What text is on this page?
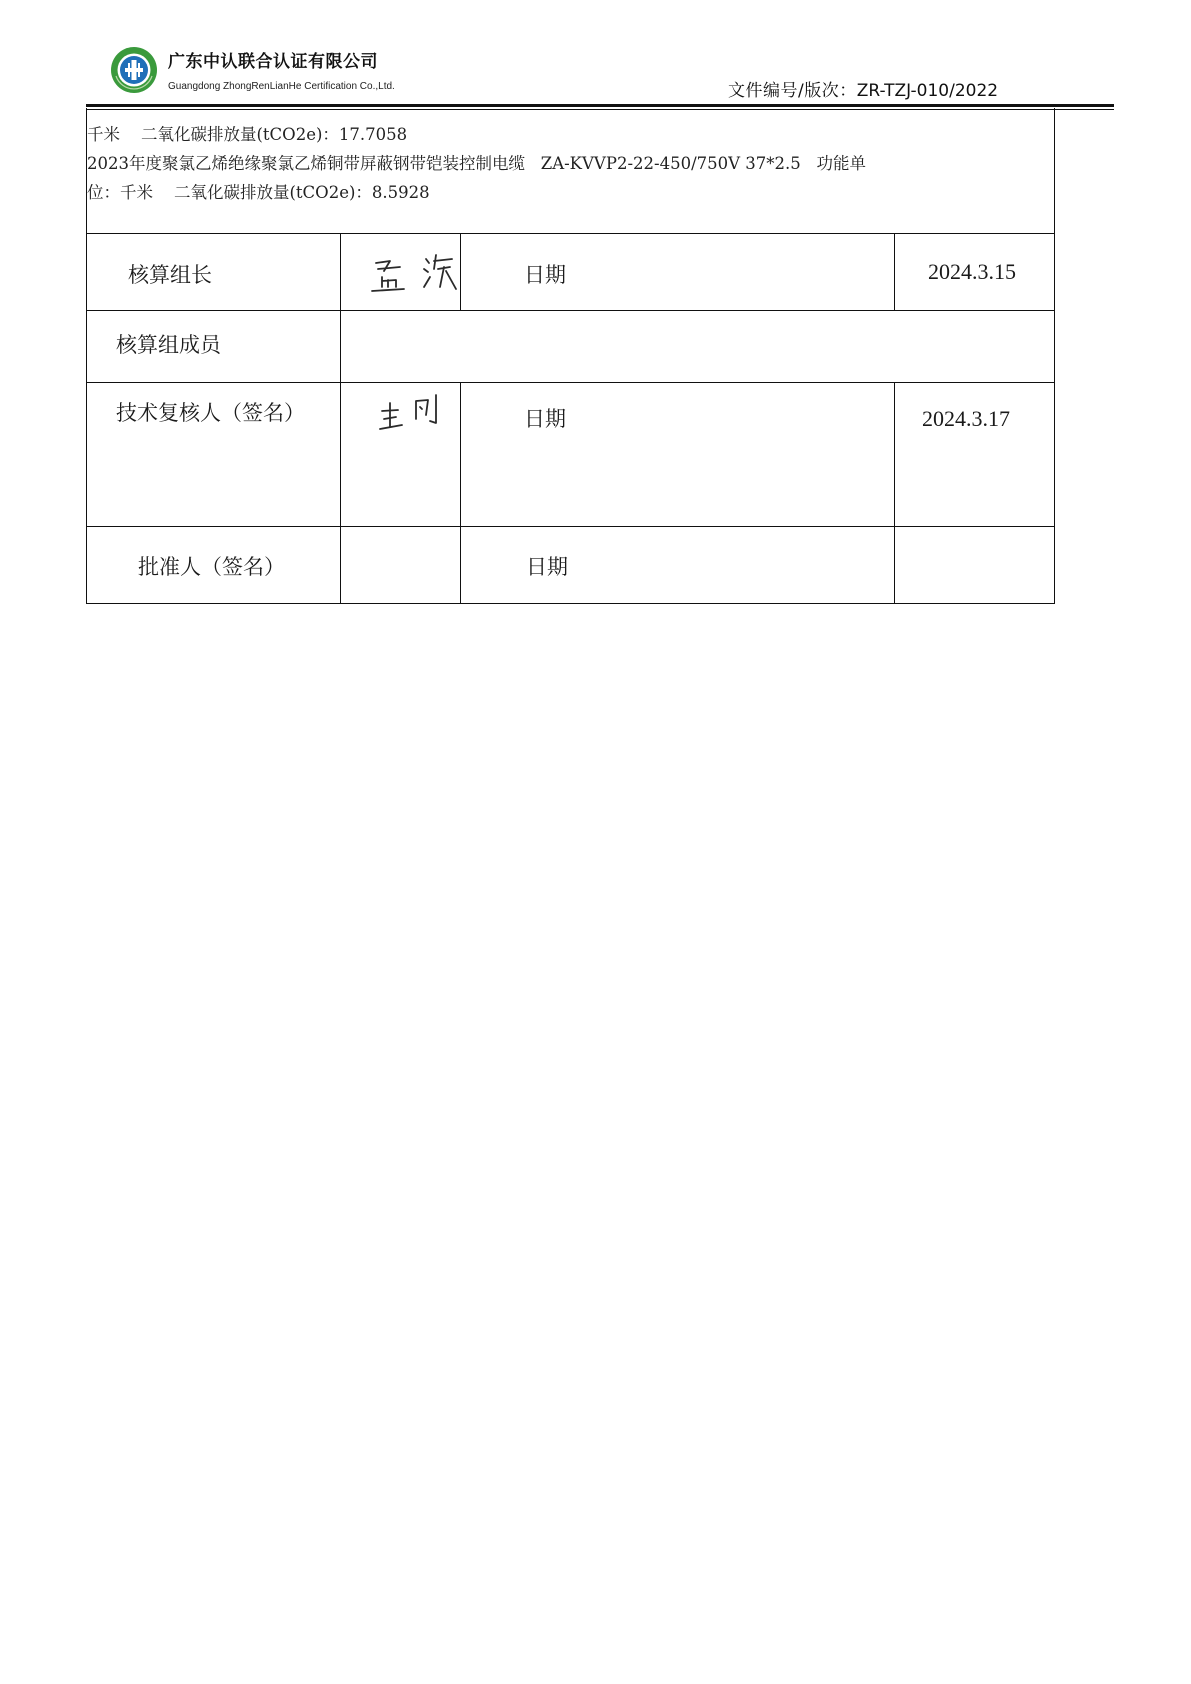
广东中认联合认证有限公司
Guangdong ZhongRenLianHe Certification Co.,Ltd.	文件编号/版次：ZR-TZJ-010/2022
千米    二氧化碳排放量(tCO2e)：17.7058
2023年度聚氯乙烯绝缘聚氯乙烯铜带屏蔽钢带铠装控制电缆   ZA-KVVP2-22-450/750V 37*2.5   功能单
位：千米    二氧化碳排放量(tCO2e)：8.5928
核算组长	日期	2024.3.15
核算组成员
技术复核人（签名）	日期	2024.3.17
批准人（签名）	日期
